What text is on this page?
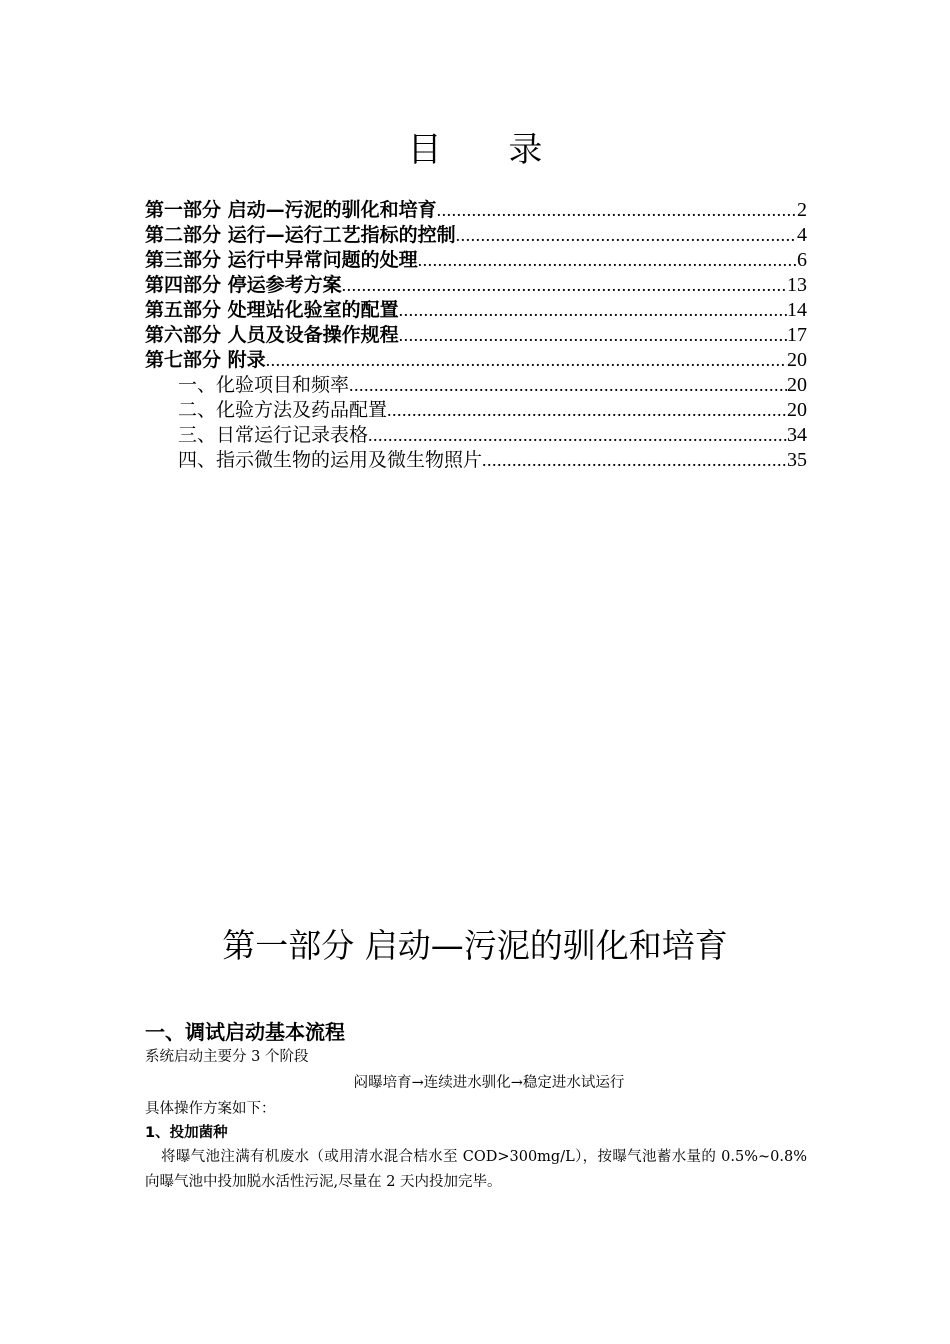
目 录
第一部分 启动—污泥的驯化和培育 .....	2
第二部分 运行—运行工艺指标的控制 .....	4
第三部分 运行中异常问题的处理 .....	6
第四部分 停运参考方案 .....	13
第五部分 处理站化验室的配置 .....	14
第六部分 人员及设备操作规程 .....	17
第七部分 附录 .....	20
一、化验项目和频率 .....	20
二、化验方法及药品配置 .....	20
三、日常运行记录表格 .....	34
四、指示微生物的运用及微生物照片 .....	35
第一部分 启动—污泥的驯化和培育
一、调试启动基本流程
系统启动主要分 3 个阶段
闷曝培育→连续进水驯化→稳定进水试运行
具体操作方案如下：
1、投加菌种
将曝气池注满有机废水（或用清水混合桔水至 COD>300mg/L），按曝气池蓄水量的 0.5%~0.8%向曝气池中投加脱水活性污泥,尽量在 2 天内投加完毕。
